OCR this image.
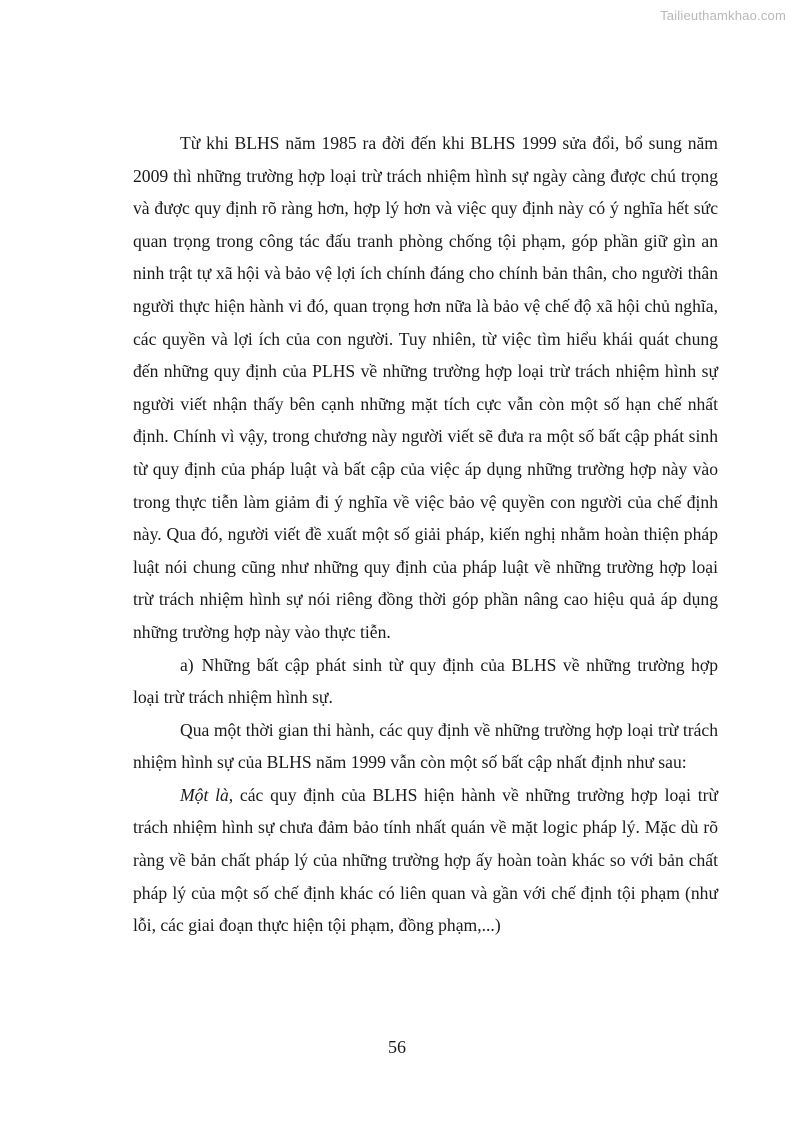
Tailieuthamkhao.com

Từ khi BLHS năm 1985 ra đời đến khi BLHS 1999 sửa đổi, bổ sung năm 2009 thì những trường hợp loại trừ trách nhiệm hình sự ngày càng được chú trọng và được quy định rõ ràng hơn, hợp lý hơn và việc quy định này có ý nghĩa hết sức quan trọng trong công tác đấu tranh phòng chống tội phạm, góp phần giữ gìn an ninh trật tự xã hội và bảo vệ lợi ích chính đáng cho chính bản thân, cho người thân người thực hiện hành vi đó, quan trọng hơn nữa là bảo vệ chế độ xã hội chủ nghĩa, các quyền và lợi ích của con người. Tuy nhiên, từ việc tìm hiểu khái quát chung đến những quy định của PLHS về những trường hợp loại trừ trách nhiệm hình sự người viết nhận thấy bên cạnh những mặt tích cực vẫn còn một số hạn chế nhất định. Chính vì vậy, trong chương này người viết sẽ đưa ra một số bất cập phát sinh từ quy định của pháp luật và bất cập của việc áp dụng những trường hợp này vào trong thực tiễn làm giảm đi ý nghĩa về việc bảo vệ quyền con người của chế định này. Qua đó, người viết đề xuất một số giải pháp, kiến nghị nhằm hoàn thiện pháp luật nói chung cũng như những quy định của pháp luật về những trường hợp loại trừ trách nhiệm hình sự nói riêng đồng thời góp phần nâng cao hiệu quả áp dụng những trường hợp này vào thực tiễn.

a) Những bất cập phát sinh từ quy định của BLHS về những trường hợp loại trừ trách nhiệm hình sự.

Qua một thời gian thi hành, các quy định về những trường hợp loại trừ trách nhiệm hình sự của BLHS năm 1999 vẫn còn một số bất cập nhất định như sau:

Một là, các quy định của BLHS hiện hành về những trường hợp loại trừ trách nhiệm hình sự chưa đảm bảo tính nhất quán về mặt logic pháp lý. Mặc dù rõ ràng về bản chất pháp lý của những trường hợp ấy hoàn toàn khác so với bản chất pháp lý của một số chế định khác có liên quan và gần với chế định tội phạm (như lỗi, các giai đoạn thực hiện tội phạm, đồng phạm,...)

56
